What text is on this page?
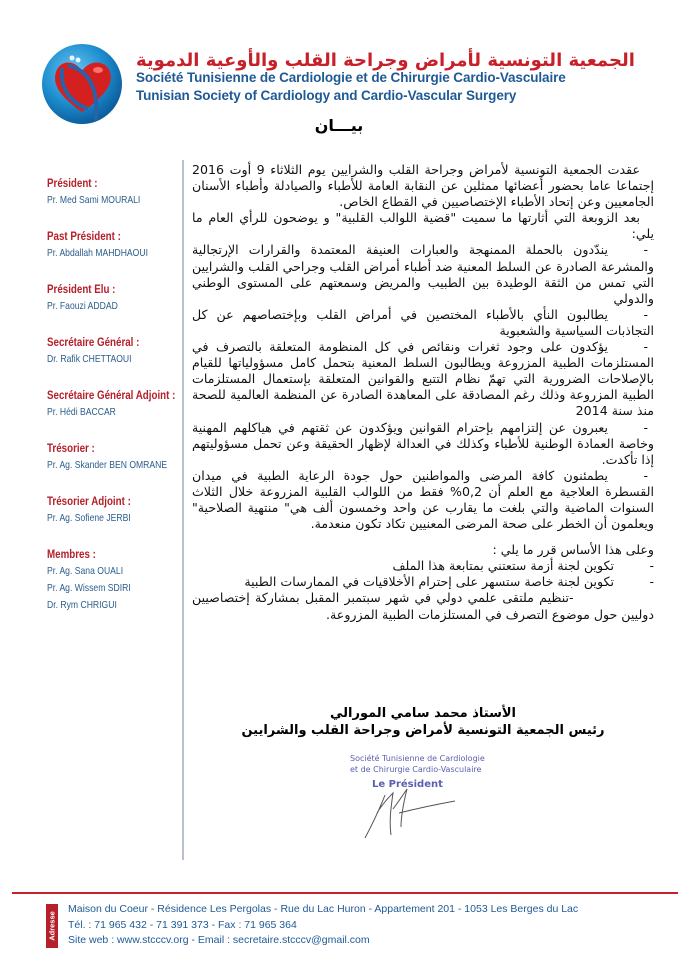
الجمعية التونسية لأمراض وجراحة القلب والأوعية الدموية
Société Tunisienne de Cardiologie et de Chirurgie Cardio-Vasculaire
Tunisian Society of Cardiology and Cardio-Vascular Surgery
بيـــان
Président :
Pr. Med Sami MOURALI
Past Président :
Pr. Abdallah MAHDHAOUI
Président Elu :
Pr. Faouzi ADDAD
Secrétaire Général :
Dr. Rafik CHETTAOUI
Secrétaire Général Adjoint :
Pr. Hédi BACCAR
Trésorier :
Pr. Ag. Skander BEN OMRANE
Trésorier Adjoint :
Pr. Ag. Sofiene JERBI
Membres :
Pr. Ag. Sana OUALI
Pr. Ag. Wissem SDIRI
Dr. Rym CHRIGUI

عقدت الجمعية التونسية لأمراض وجراحة القلب والشرايين يوم الثلاثاء 9 أوت 2016 إجتماعا عاما بحضور أعضائها ممثلين عن النقابة العامة للأطباء والصيادلة وأطباء الأسنان الجامعيين وعن إتحاد الأطباء الإختصاصيين في القطاع الخاص.

بعد الزوبعة التي أثارتها ما سميت "قضية اللوالب القلبية" و يوضحون للرأي العام ما يلي:

-يندّدون بالحملة الممنهجة والعبارات العنيفة المعتمدة والقرارات الإرتجالية والمشرعة الصادرة عن السلط المعنية ضد أطباء أمراض القلب وجراحي القلب والشرايين التي تمس من الثقة الوطيدة بين الطبيب والمريض وسمعتهم على المستوى الوطني والدولي

-يطالبون النأي بالأطباء المختصين في أمراض القلب وبإختصاصهم عن كل التجاذبات السياسية والشعبوية

-يؤكدون على وجود ثغرات ونقائص في كل المنظومة المتعلقة بالتصرف في المستلزمات الطبية المزروعة ويطالبون السلط المعنية بتحمل كامل مسؤولياتها للقيام بالإصلاحات الضرورية التي تهمّ نظام التتبع والقوانين المتعلقة بإستعمال المستلزمات الطبية المزروعة وذلك رغم المصادقة على المعاهدة الصادرة عن المنظمة العالمية للصحة منذ سنة 2014

-يعبرون عن إلتزامهم بإحترام القوانين ويؤكدون عن ثقتهم في هياكلهم المهنية وخاصة العمادة الوطنية للأطباء وكذلك في العدالة لإظهار الحقيقة وعن تحمل مسؤوليتهم إذا تأكدت.

-يطمئنون كافة المرضى والمواطنين حول جودة الرعاية الطبية في ميدان القسطرة العلاجية مع العلم أن 0,2% فقط من اللوالب القلبية المزروعة خلال الثلاث السنوات الماضية والتي بلغت ما يقارب عن واحد وخمسون ألف هي" منتهية الصلاحية" ويعلمون أن الخطر على صحة المرضى المعنيين تكاد تكون منعدمة.

وعلى هذا الأساس قرر ما يلي :

-تكوين لجنة أزمة ستعتني بمتابعة هذا الملف

-تكوين لجنة خاصة ستسهر على إحترام الأخلاقيات في الممارسات الطبية

-تنظيم ملتقى علمي دولي في شهر سبتمبر المقبل بمشاركة إختصاصيين دوليين حول موضوع التصرف في المستلزمات الطبية المزروعة.

الأستاذ محمد سامي المورالي
رئيس الجمعية التونسية لأمراض وجراحة القلب والشرايين
Société Tunisienne de Cardiologie
et de Chirurgie Cardio-Vasculaire
Le Président
Adresse
Maison du Coeur - Résidence Les Pergolas - Rue du Lac Huron - Appartement 201 - 1053 Les Berges du Lac
Tél. : 71 965 432 - 71 391 373 - Fax : 71 965 364
Site web : www.stcccv.org - Email : secretaire.stcccv@gmail.com
